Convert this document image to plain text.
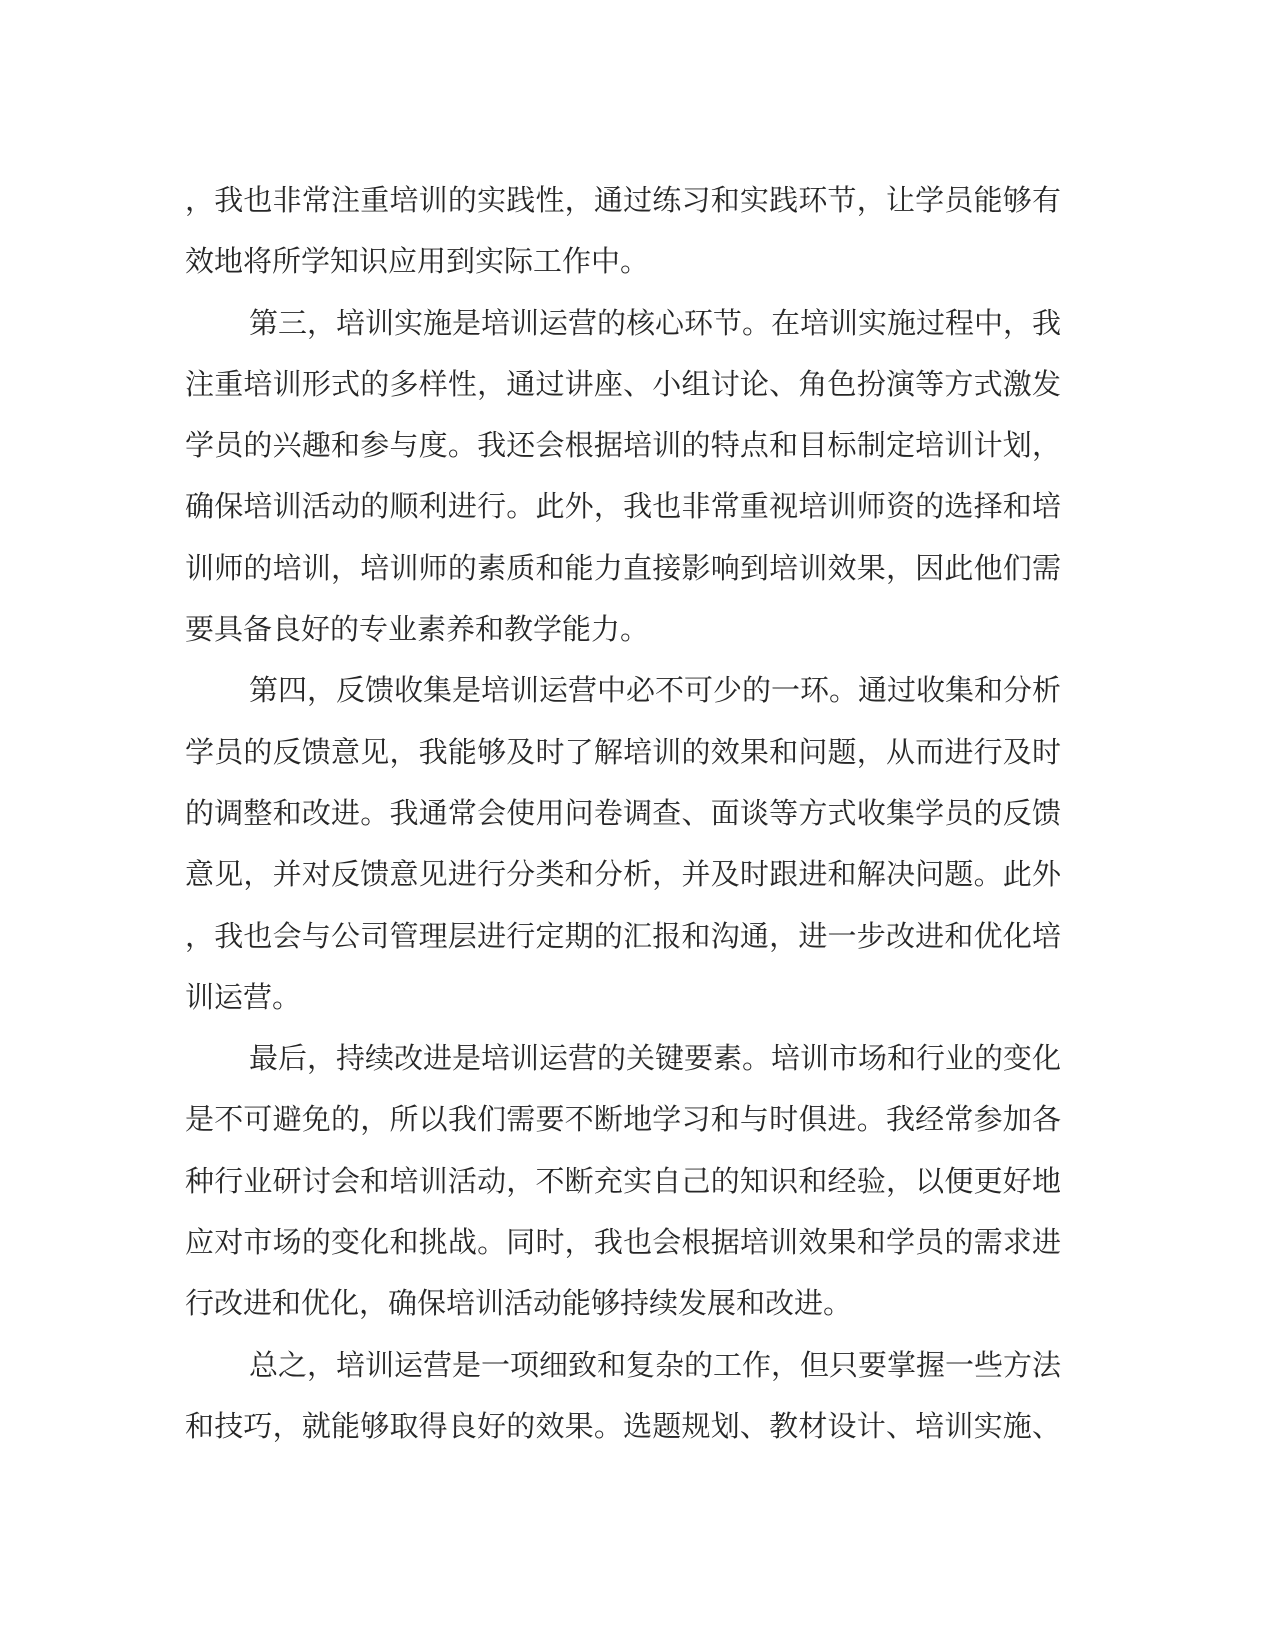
，我也非常注重培训的实践性，通过练习和实践环节，让学员能够有
效地将所学知识应用到实际工作中。
第三，培训实施是培训运营的核心环节。在培训实施过程中，我
注重培训形式的多样性，通过讲座、小组讨论、角色扮演等方式激发
学员的兴趣和参与度。我还会根据培训的特点和目标制定培训计划，
确保培训活动的顺利进行。此外，我也非常重视培训师资的选择和培
训师的培训，培训师的素质和能力直接影响到培训效果，因此他们需
要具备良好的专业素养和教学能力。
第四，反馈收集是培训运营中必不可少的一环。通过收集和分析
学员的反馈意见，我能够及时了解培训的效果和问题，从而进行及时
的调整和改进。我通常会使用问卷调查、面谈等方式收集学员的反馈
意见，并对反馈意见进行分类和分析，并及时跟进和解决问题。此外
，我也会与公司管理层进行定期的汇报和沟通，进一步改进和优化培
训运营。
最后，持续改进是培训运营的关键要素。培训市场和行业的变化
是不可避免的，所以我们需要不断地学习和与时俱进。我经常参加各
种行业研讨会和培训活动，不断充实自己的知识和经验，以便更好地
应对市场的变化和挑战。同时，我也会根据培训效果和学员的需求进
行改进和优化，确保培训活动能够持续发展和改进。
总之，培训运营是一项细致和复杂的工作，但只要掌握一些方法
和技巧，就能够取得良好的效果。选题规划、教材设计、培训实施、
